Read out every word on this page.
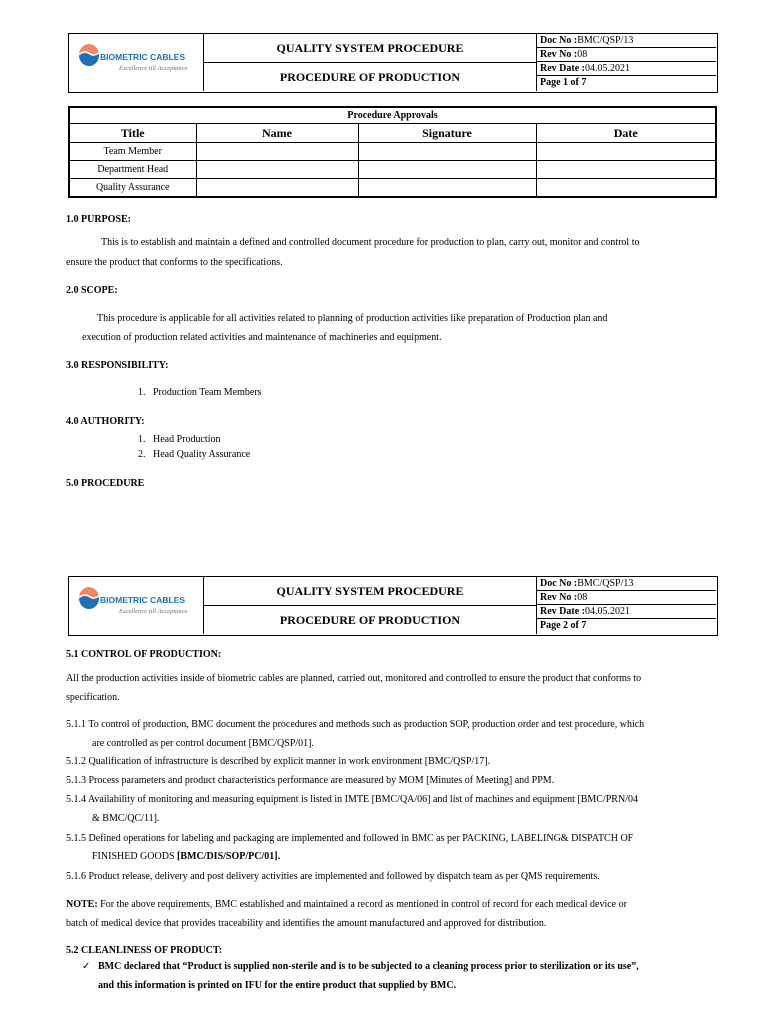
BIOMETRIC CABLES
Excellence till Acceptance
QUALITY SYSTEM PROCEDURE
PROCEDURE OF PRODUCTION
Doc No :BMC/QSP/13
Rev No :08
Rev Date :04.05.2021
Page 1 of 7
Procedure Approvals			
Title	Name	Signature	Date
Team Member			
Department Head			
Quality Assurance			
1.0 PURPOSE:
This is to establish and maintain a defined and controlled document procedure for production to plan, carry out, monitor and control to
ensure the product that conforms to the specifications.
2.0 SCOPE:
This procedure is applicable for all activities related to planning of production activities like preparation of Production plan and
execution of production related activities and maintenance of machineries and equipment.
3.0 RESPONSIBILITY:
1. Production Team Members
4.0 AUTHORITY:
1. Head Production
2. Head Quality Assurance
5.0 PROCEDURE
BIOMETRIC CABLES
Excellence till Acceptance
QUALITY SYSTEM PROCEDURE
PROCEDURE OF PRODUCTION
Doc No :BMC/QSP/13
Rev No :08
Rev Date :04.05.2021
Page 2 of 7
5.1 CONTROL OF PRODUCTION:
All the production activities inside of biometric cables are planned, carried out, monitored and controlled to ensure the product that conforms to
specification.
5.1.1 To control of production, BMC document the procedures and methods such as production SOP, production order and test procedure, which
are controlled as per control document [BMC/QSP/01].
5.1.2 Qualification of infrastructure is described by explicit manner in work environment [BMC/QSP/17].
5.1.3 Process parameters and product characteristics performance are measured by MOM [Minutes of Meeting] and PPM.
5.1.4 Availability of monitoring and measuring equipment is listed in IMTE [BMC/QA/06] and list of machines and equipment [BMC/PRN/04
& BMC/QC/11].
5.1.5 Defined operations for labeling and packaging are implemented and followed in BMC as per PACKING, LABELING& DISPATCH OF
FINISHED GOODS [BMC/DIS/SOP/PC/01].
5.1.6 Product release, delivery and post delivery activities are implemented and followed by dispatch team as per QMS requirements.
NOTE: For the above requirements, BMC established and maintained a record as mentioned in control of record for each medical device or
batch of medical device that provides traceability and identifies the amount manufactured and approved for distribution.
5.2 CLEANLINESS OF PRODUCT:
✓ BMC declared that “Product is supplied non-sterile and is to be subjected to a cleaning process prior to sterilization or its use”,
and this information is printed on IFU for the entire product that supplied by BMC.
